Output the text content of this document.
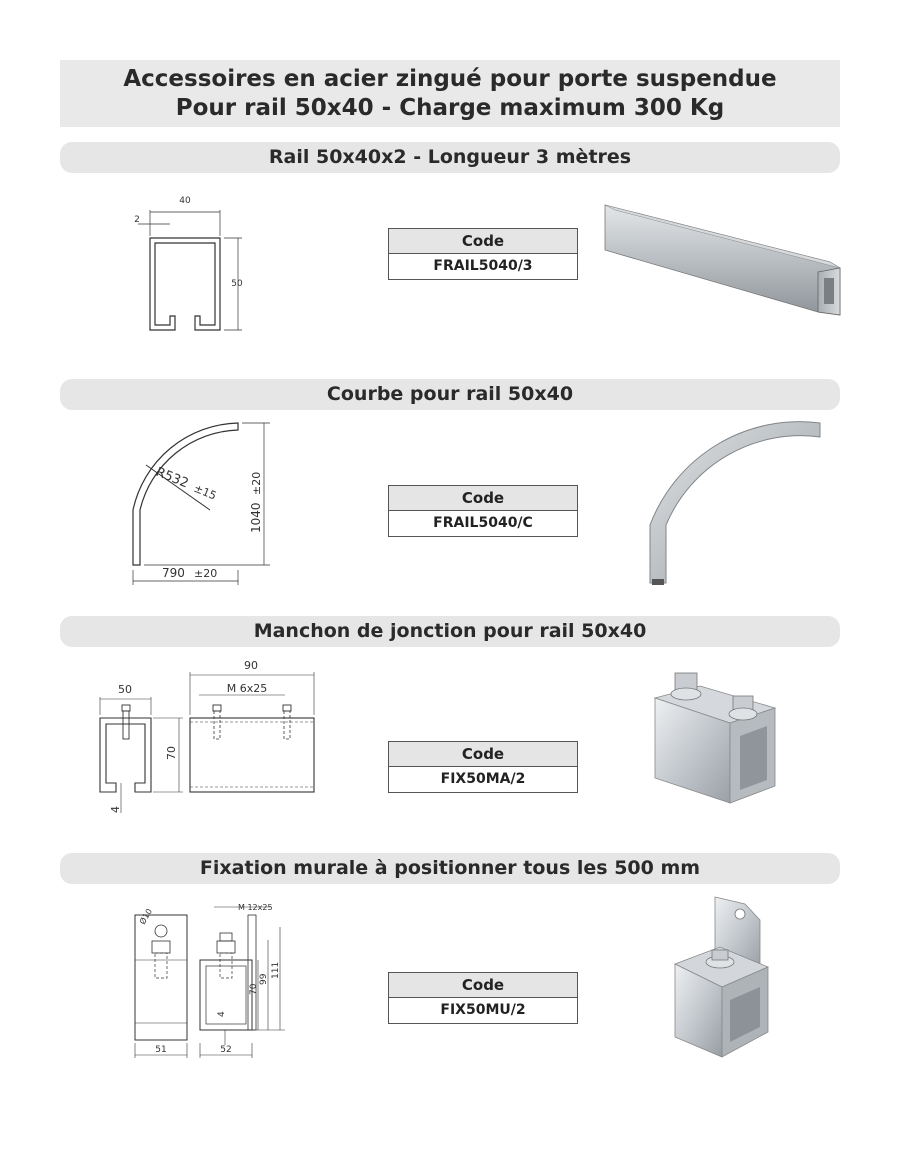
Accessoires en acier zingué pour porte suspendue
Pour rail 50x40 - Charge maximum 300 Kg
Rail 50x40x2 - Longueur 3 mètres
40
2
50
Code
FRAIL5040/3
Courbe pour rail 50x40
R532
±15
1040
±20
790 ±20
Code
FRAIL5040/C
Manchon de jonction pour rail 50x40
50
70
4
90
M 6x25
Code
FIX50MA/2
Fixation murale à positionner tous les 500 mm
Ø10
51
M 12x25
4
70
99
111
52
Code
FIX50MU/2
